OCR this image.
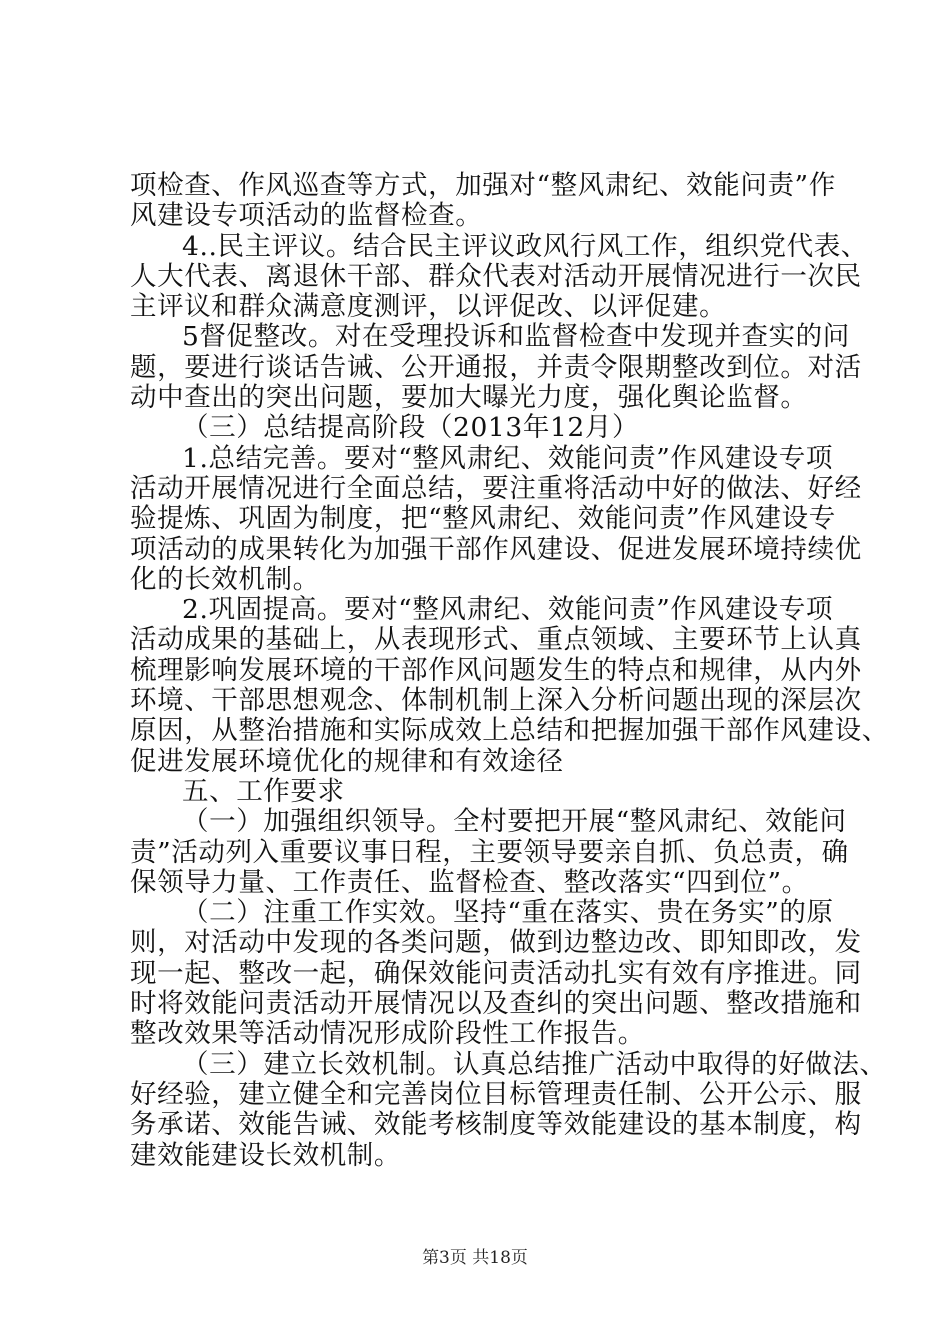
项检查、作风巡查等方式，加强对“整风肃纪、效能问责”作
风建设专项活动的监督检查。
4..民主评议。结合民主评议政风行风工作，组织党代表、
人大代表、离退休干部、群众代表对活动开展情况进行一次民
主评议和群众满意度测评，以评促改、以评促建。
5督促整改。对在受理投诉和监督检查中发现并查实的问
题，要进行谈话告诫、公开通报，并责令限期整改到位。对活
动中查出的突出问题，要加大曝光力度，强化舆论监督。
（三）总结提高阶段（2013年12月）
1.总结完善。要对“整风肃纪、效能问责”作风建设专项
活动开展情况进行全面总结，要注重将活动中好的做法、好经
验提炼、巩固为制度，把“整风肃纪、效能问责”作风建设专
项活动的成果转化为加强干部作风建设、促进发展环境持续优
化的长效机制。
2.巩固提高。要对“整风肃纪、效能问责”作风建设专项
活动成果的基础上，从表现形式、重点领域、主要环节上认真
梳理影响发展环境的干部作风问题发生的特点和规律，从内外
环境、干部思想观念、体制机制上深入分析问题出现的深层次
原因，从整治措施和实际成效上总结和把握加强干部作风建设、
促进发展环境优化的规律和有效途径
五、工作要求
（一）加强组织领导。全村要把开展“整风肃纪、效能问
责”活动列入重要议事日程，主要领导要亲自抓、负总责，确
保领导力量、工作责任、监督检查、整改落实“四到位”。
（二）注重工作实效。坚持“重在落实、贵在务实”的原
则，对活动中发现的各类问题，做到边整边改、即知即改，发
现一起、整改一起，确保效能问责活动扎实有效有序推进。同
时将效能问责活动开展情况以及查纠的突出问题、整改措施和
整改效果等活动情况形成阶段性工作报告。
（三）建立长效机制。认真总结推广活动中取得的好做法、
好经验，建立健全和完善岗位目标管理责任制、公开公示、服
务承诺、效能告诫、效能考核制度等效能建设的基本制度，构
建效能建设长效机制。
第3页 共18页
